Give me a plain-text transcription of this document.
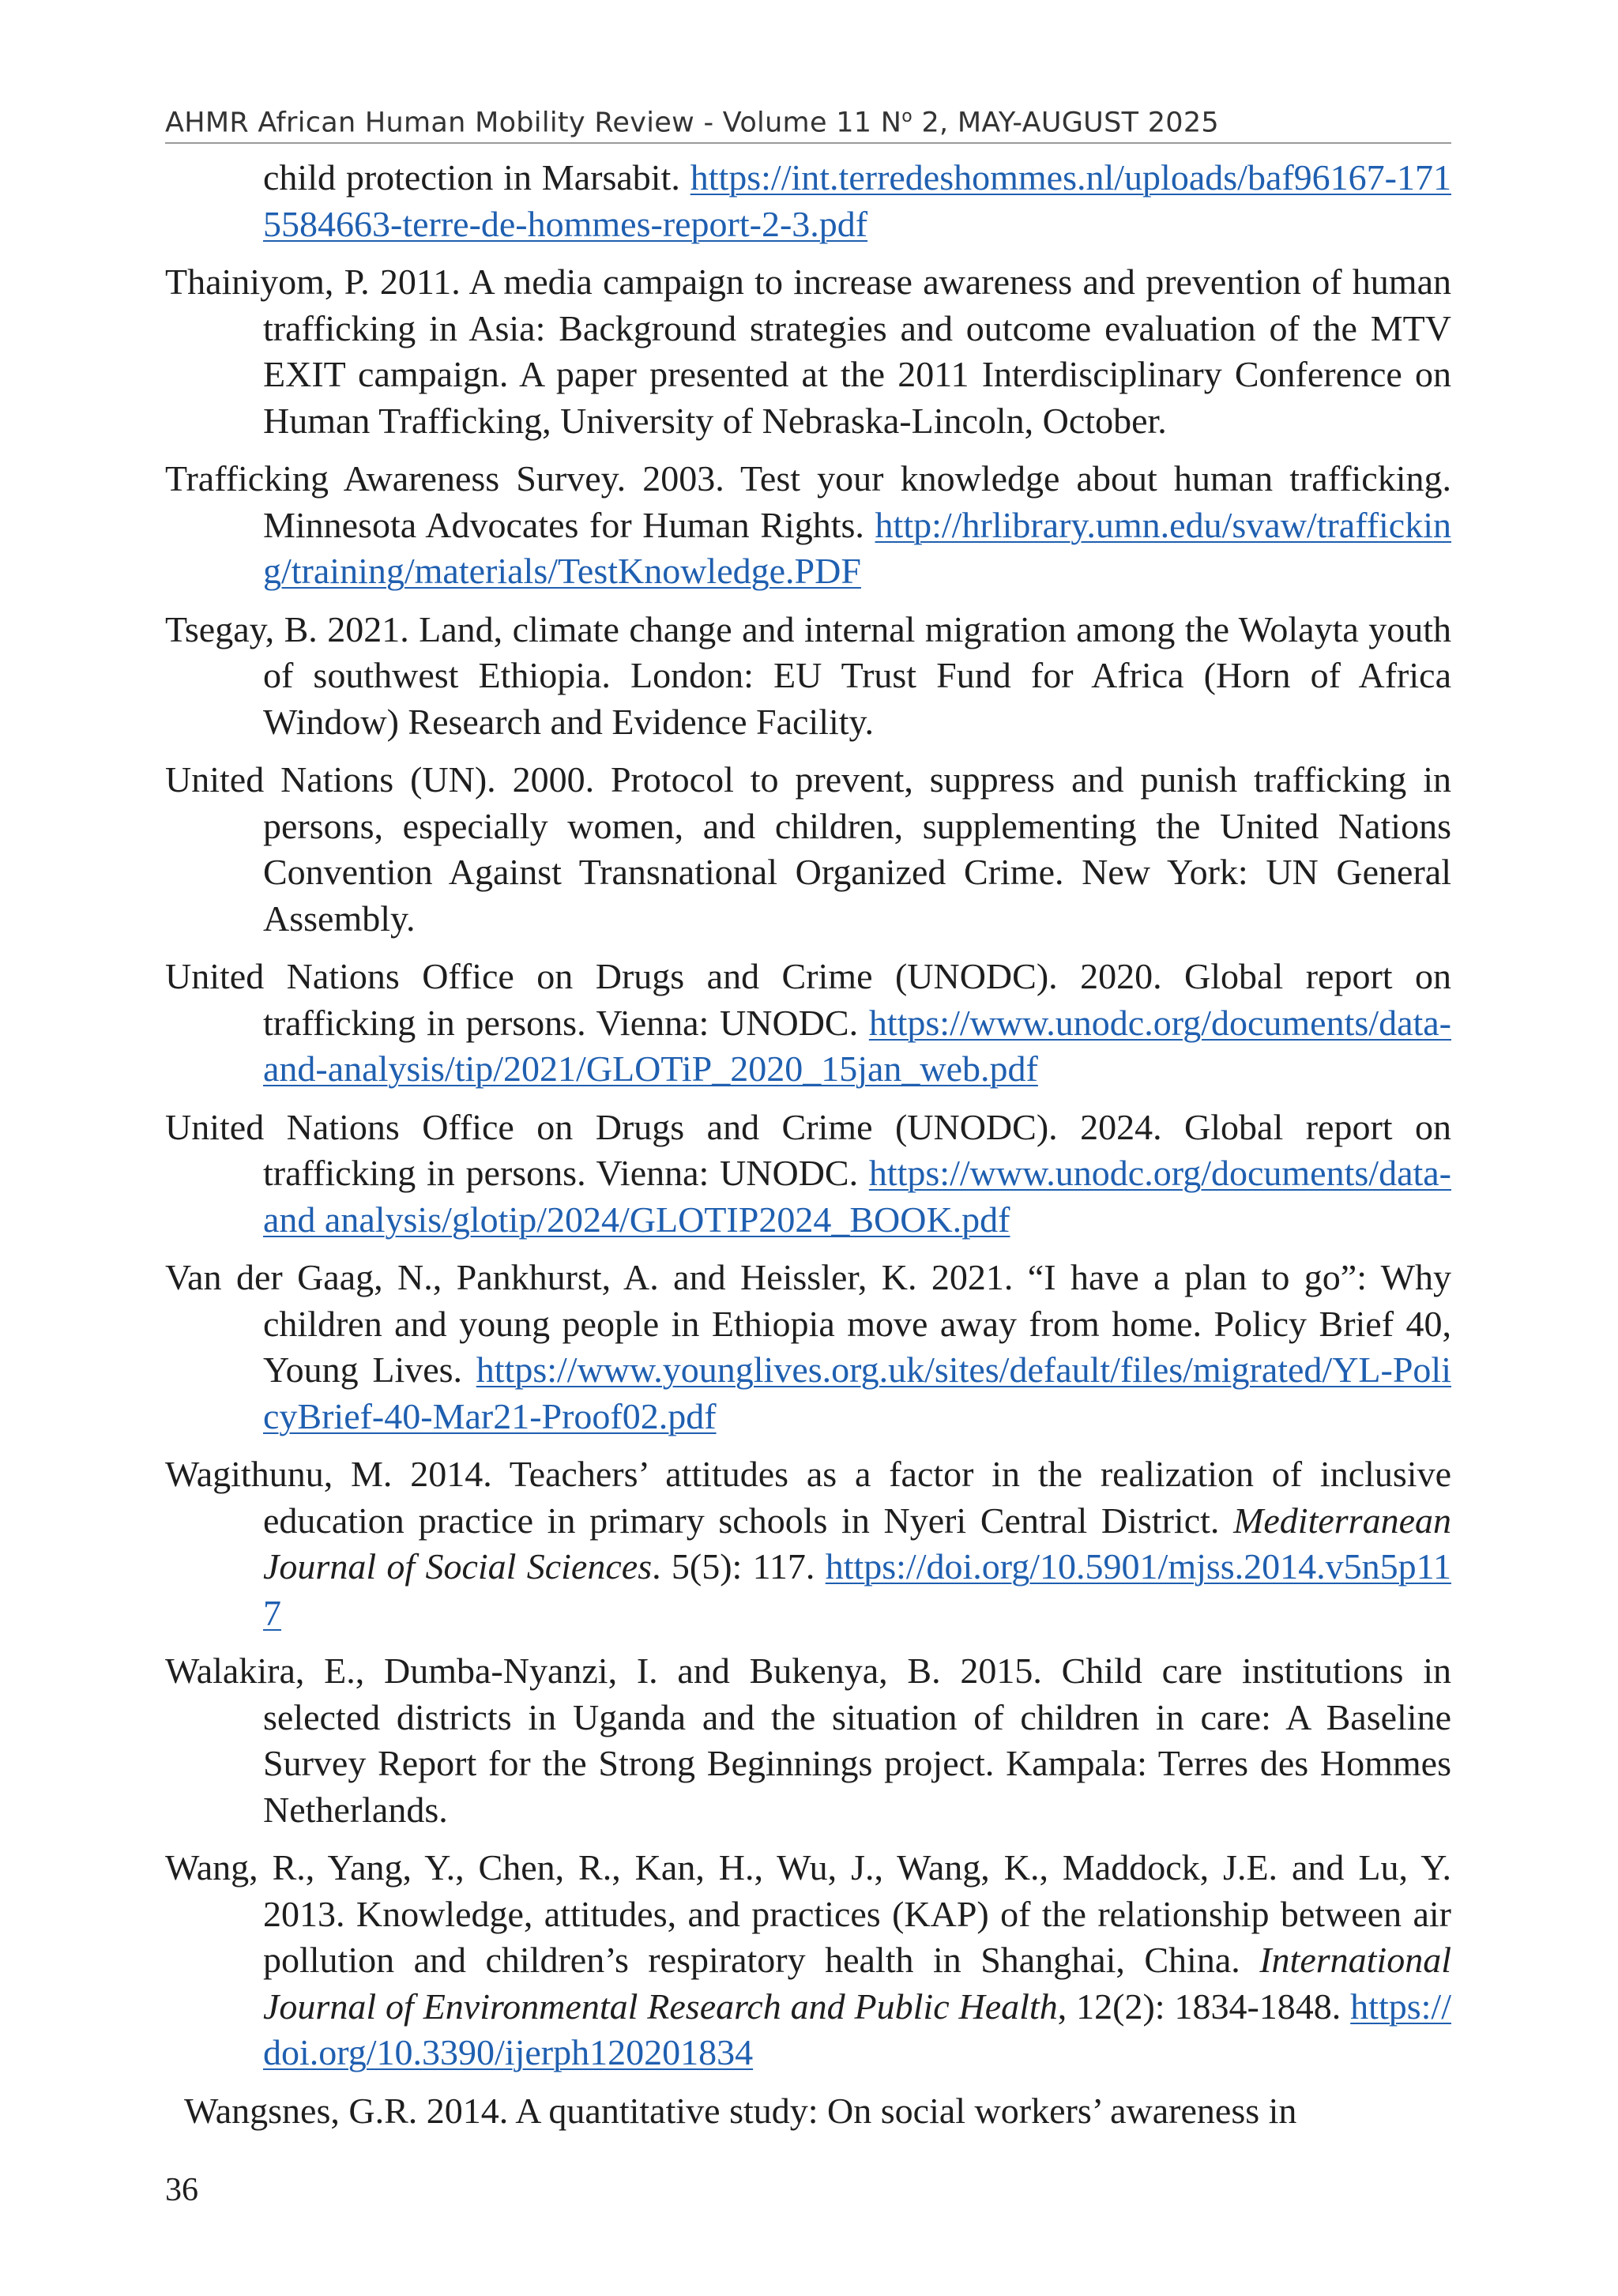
AHMR African Human Mobility Review - Volume 11 $N^o$ 2, MAY-AUGUST 2025

child protection in Marsabit. https://int.terredeshommes.nl/uploads/baf96167-1715584663-terre-de-hommes-report-2-3.pdf

Thainiyom, P. 2011. A media campaign to increase awareness and prevention of human trafficking in Asia: Background strategies and outcome evaluation of the MTV EXIT campaign. A paper presented at the 2011 Interdisciplinary Conference on Human Trafficking, University of Nebraska-Lincoln, October.

Trafficking Awareness Survey. 2003. Test your knowledge about human trafficking. Minnesota Advocates for Human Rights. http://hrlibrary.umn.edu/svaw/trafficking/training/materials/TestKnowledge.PDF

Tsegay, B. 2021. Land, climate change and internal migration among the Wolayta youth of southwest Ethiopia. London: EU Trust Fund for Africa (Horn of Africa Window) Research and Evidence Facility.

United Nations (UN). 2000. Protocol to prevent, suppress and punish trafficking in persons, especially women, and children, supplementing the United Nations Convention Against Transnational Organized Crime. New York: UN General Assembly.

United Nations Office on Drugs and Crime (UNODC). 2020. Global report on trafficking in persons. Vienna: UNODC. https://www.unodc.org/documents/data-and-analysis/tip/2021/GLOTiP_2020_15jan_web.pdf

United Nations Office on Drugs and Crime (UNODC). 2024. Global report on trafficking in persons. Vienna: UNODC. https://www.unodc.org/documents/data-and analysis/glotip/2024/GLOTIP2024_BOOK.pdf

Van der Gaag, N., Pankhurst, A. and Heissler, K. 2021. “I have a plan to go”: Why children and young people in Ethiopia move away from home. Policy Brief 40, Young Lives. https://www.younglives.org.uk/sites/default/files/migrated/YL-PolicyBrief-40-Mar21-Proof02.pdf

Wagithunu, M. 2014. Teachers’ attitudes as a factor in the realization of inclusive education practice in primary schools in Nyeri Central District. Mediterranean Journal of Social Sciences. 5(5): 117. https://doi.org/10.5901/mjss.2014.v5n5p117

Walakira, E., Dumba-Nyanzi, I. and Bukenya, B. 2015. Child care institutions in selected districts in Uganda and the situation of children in care: A Baseline Survey Report for the Strong Beginnings project. Kampala: Terres des Hommes Netherlands.

Wang, R., Yang, Y., Chen, R., Kan, H., Wu, J., Wang, K., Maddock, J.E. and Lu, Y. 2013. Knowledge, attitudes, and practices (KAP) of the relationship between air pollution and children’s respiratory health in Shanghai, China. International Journal of Environmental Research and Public Health, 12(2): 1834-1848. https://doi.org/10.3390/ijerph120201834

Wangsnes, G.R. 2014. A quantitative study: On social workers’ awareness in

36
